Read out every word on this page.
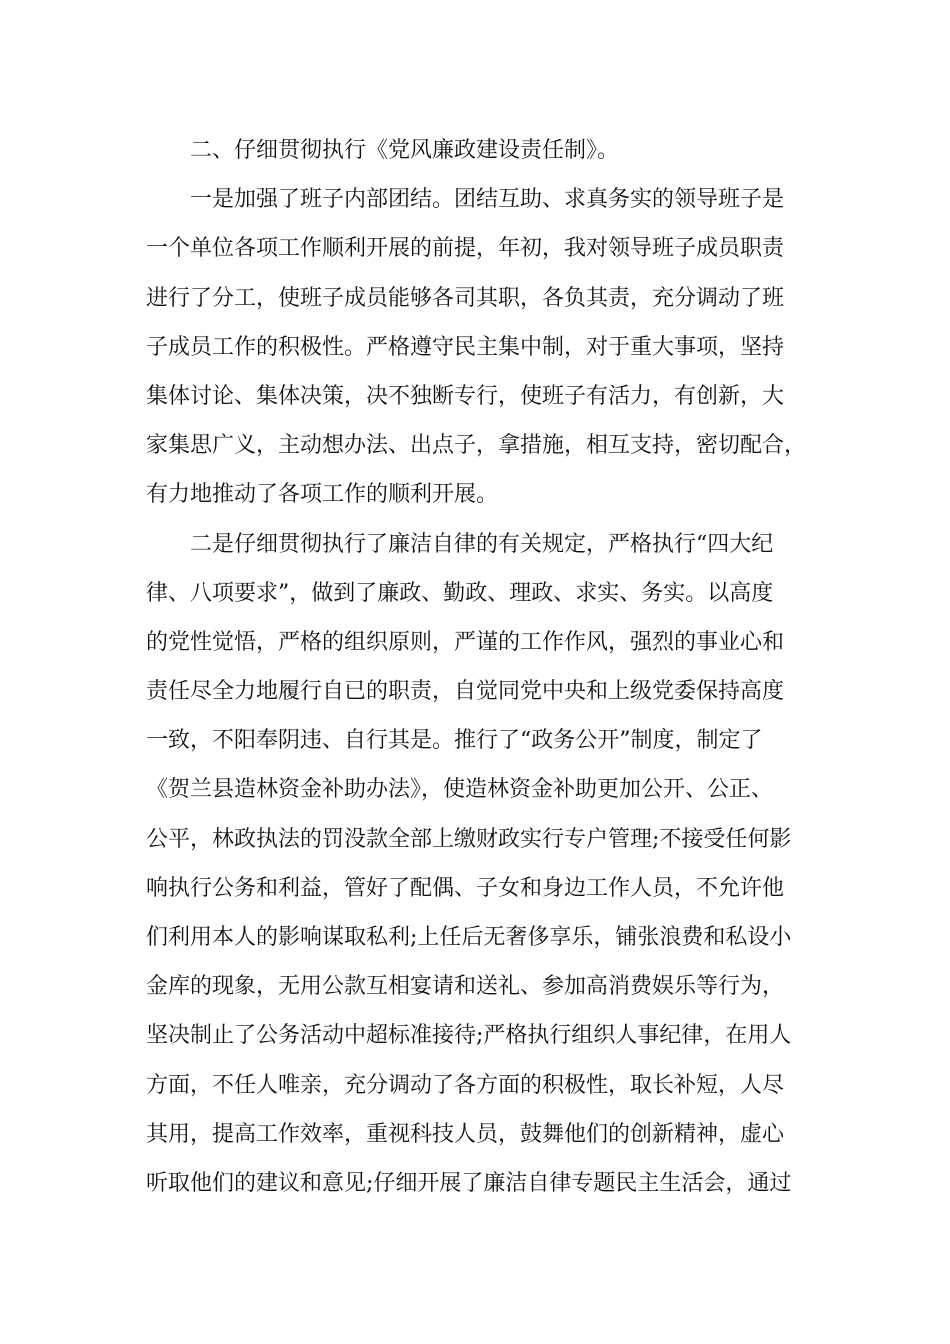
二、仔细贯彻执行《党风廉政建设责任制》。
一是加强了班子内部团结。团结互助、求真务实的领导班子是
一个单位各项工作顺利开展的前提，年初，我对领导班子成员职责
进行了分工，使班子成员能够各司其职，各负其责，充分调动了班
子成员工作的积极性。严格遵守民主集中制，对于重大事项，坚持
集体讨论、集体决策，决不独断专行，使班子有活力，有创新，大
家集思广义，主动想办法、出点子，拿措施，相互支持，密切配合，
有力地推动了各项工作的顺利开展。
二是仔细贯彻执行了廉洁自律的有关规定，严格执行“四大纪
律、八项要求”，做到了廉政、勤政、理政、求实、务实。以高度
的党性觉悟，严格的组织原则，严谨的工作作风，强烈的事业心和
责任尽全力地履行自已的职责，自觉同党中央和上级党委保持高度
一致，不阳奉阴违、自行其是。推行了“政务公开”制度，制定了
《贺兰县造林资金补助办法》，使造林资金补助更加公开、公正、
公平，林政执法的罚没款全部上缴财政实行专户管理;不接受任何影
响执行公务和利益，管好了配偶、子女和身边工作人员，不允许他
们利用本人的影响谋取私利;上任后无奢侈享乐，铺张浪费和私设小
金库的现象，无用公款互相宴请和送礼、参加高消费娱乐等行为，
坚决制止了公务活动中超标准接待;严格执行组织人事纪律，在用人
方面，不任人唯亲，充分调动了各方面的积极性，取长补短，人尽
其用，提高工作效率，重视科技人员，鼓舞他们的创新精神，虚心
听取他们的建议和意见;仔细开展了廉洁自律专题民主生活会，通过
